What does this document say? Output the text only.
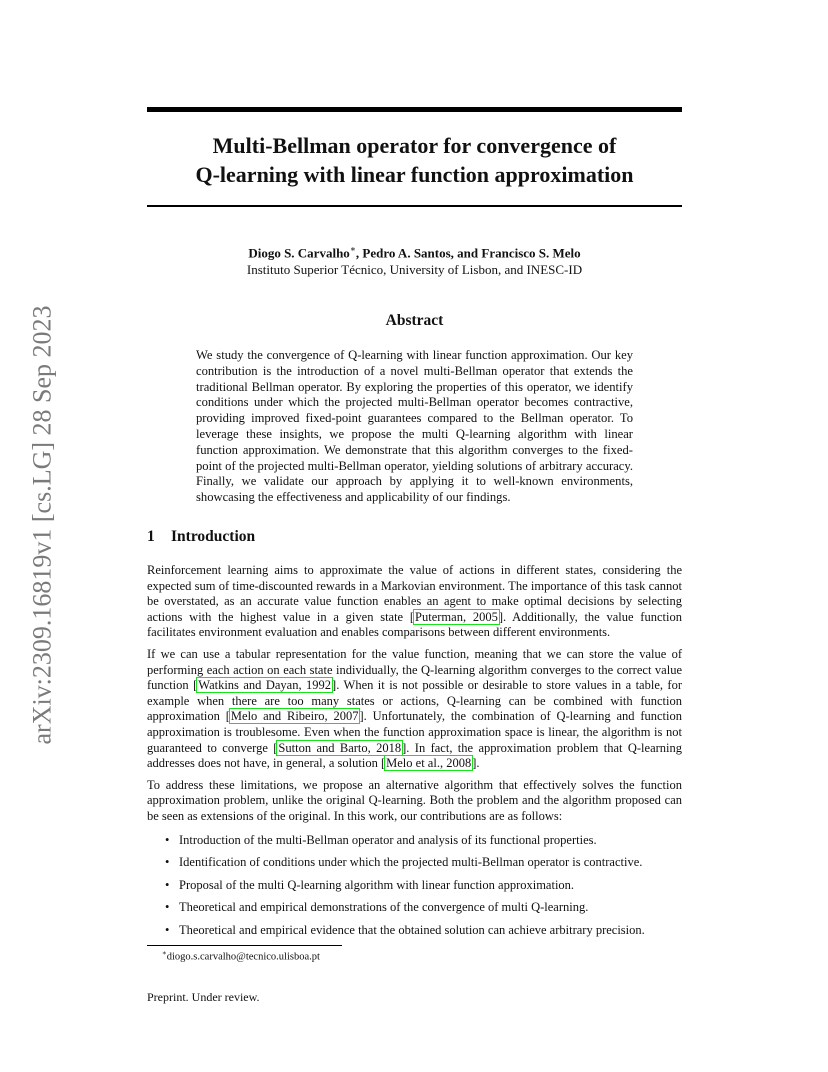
arXiv:2309.16819v1 [cs.LG] 28 Sep 2023
Multi-Bellman operator for convergence of
Q-learning with linear function approximation
Diogo S. Carvalho∗, Pedro A. Santos, and Francisco S. Melo
Instituto Superior Técnico, University of Lisbon, and INESC-ID
Abstract
We study the convergence of Q-learning with linear function approximation. Our key contribution is the introduction of a novel multi-Bellman operator that extends the traditional Bellman operator. By exploring the properties of this operator, we identify conditions under which the projected multi-Bellman operator becomes contractive, providing improved fixed-point guarantees compared to the Bellman operator. To leverage these insights, we propose the multi Q-learning algorithm with linear function approximation. We demonstrate that this algorithm converges to the fixed-point of the projected multi-Bellman operator, yielding solutions of arbitrary accuracy. Finally, we validate our approach by applying it to well-known environments, showcasing the effectiveness and applicability of our findings.
1 Introduction

Reinforcement learning aims to approximate the value of actions in different states, considering the expected sum of time-discounted rewards in a Markovian environment. The importance of this task cannot be overstated, as an accurate value function enables an agent to make optimal decisions by selecting actions with the highest value in a given state [Puterman, 2005]. Additionally, the value function facilitates environment evaluation and enables comparisons between different environments.

If we can use a tabular representation for the value function, meaning that we can store the value of performing each action on each state individually, the Q-learning algorithm converges to the correct value function [Watkins and Dayan, 1992]. When it is not possible or desirable to store values in a table, for example when there are too many states or actions, Q-learning can be combined with function approximation [Melo and Ribeiro, 2007]. Unfortunately, the combination of Q-learning and function approximation is troublesome. Even when the function approximation space is linear, the algorithm is not guaranteed to converge [Sutton and Barto, 2018]. In fact, the approximation problem that Q-learning addresses does not have, in general, a solution [Melo et al., 2008].

To address these limitations, we propose an alternative algorithm that effectively solves the function approximation problem, unlike the original Q-learning. Both the problem and the algorithm proposed can be seen as extensions of the original. In this work, our contributions are as follows:

• Introduction of the multi-Bellman operator and analysis of its functional properties.
• Identification of conditions under which the projected multi-Bellman operator is contractive.
• Proposal of the multi Q-learning algorithm with linear function approximation.
• Theoretical and empirical demonstrations of the convergence of multi Q-learning.
• Theoretical and empirical evidence that the obtained solution can achieve arbitrary precision.
∗diogo.s.carvalho@tecnico.ulisboa.pt
Preprint. Under review.
